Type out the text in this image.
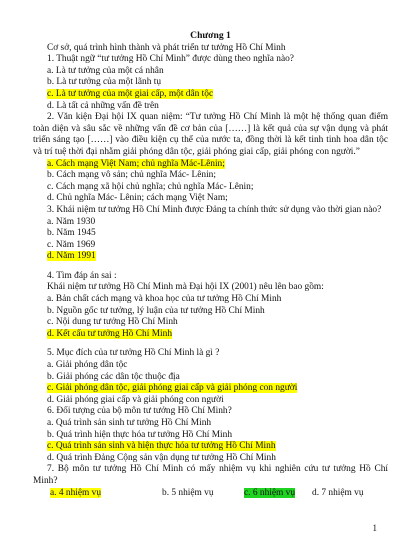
Chương 1
Cơ sở, quá trình hình thành và phát triển tư tưởng Hồ Chí Minh
1. Thuật ngữ “tư tưởng Hồ Chí Minh” được dùng theo nghĩa nào?
a. Là tư tưởng của một cá nhân
b. Là tư tưởng của một lãnh tụ
c. Là tư tưởng của một giai cấp, một dân tộc
d. Là tất cả những vấn đề trên
2. Văn kiện Đại hội IX quan niệm: “Tư tưởng Hồ Chí Minh là một hệ thống quan điểm toàn diện và sâu sắc về những vấn đề cơ bản của [……] là kết quả của sự vận dụng và phát triển sáng tạo [……] vào điều kiện cụ thể của nước ta, đồng thời là kết tinh tinh hoa dân tộc và trí tuệ thời đại nhằm giải phóng dân tộc, giải phóng giai cấp, giải phóng con người.”
a. Cách mạng Việt Nam; chủ nghĩa Mác-Lênin;
b. Cách mạng vô sản; chủ nghĩa Mác- Lênin;
c. Cách mạng xã hội chủ nghĩa; chủ nghĩa Mác- Lênin;
d. Chủ nghĩa Mác- Lênin; cách mạng Việt Nam;
3. Khái niệm tư tưởng Hồ Chí Minh được Đảng ta chính thức sử dụng vào thời gian nào?
a. Năm 1930
b. Năm 1945
c. Năm 1969
d. Năm 1991
4. Tìm đáp án sai :
Khái niệm tư tưởng Hồ Chí Minh mà Đại hội IX (2001) nêu lên bao gồm:
a. Bản chất cách mạng và khoa học của tư tưởng Hồ Chí Minh
b. Nguồn gốc tư tưởng, lý luận của tư tưởng Hồ Chí Minh
c. Nội dung tư tưởng Hồ Chí Minh
d. Kết cấu tư tưởng Hồ Chí Minh
5. Mục đích của tư tưởng Hồ Chí Minh là gì ?
a. Giải phóng dân tộc
b. Giải phóng các dân tộc thuộc địa
c. Giải phóng dân tộc, giải phóng giai cấp và giải phóng con người
d. Giải phóng giai cấp và giải phóng con người
6. Đối tượng của bộ môn tư tưởng Hồ Chí Minh?
a. Quá trình sản sinh tư tưởng Hồ Chí Minh
b. Quá trình hiện thực hóa tư tưởng Hồ Chí Minh
c. Quá trình sản sinh và hiện thực hóa tư tưởng Hồ Chí Minh
d. Quá trình Đảng Cộng sản vận dụng tư tưởng Hồ Chí Minh
7. Bộ môn tư tưởng Hồ Chí Minh có mấy nhiệm vụ khi nghiên cứu tư tưởng Hồ Chí Minh?
a. 4 nhiệm vụ	b. 5 nhiệm vụ	c. 6 nhiệm vụ	d. 7 nhiệm vụ
1
